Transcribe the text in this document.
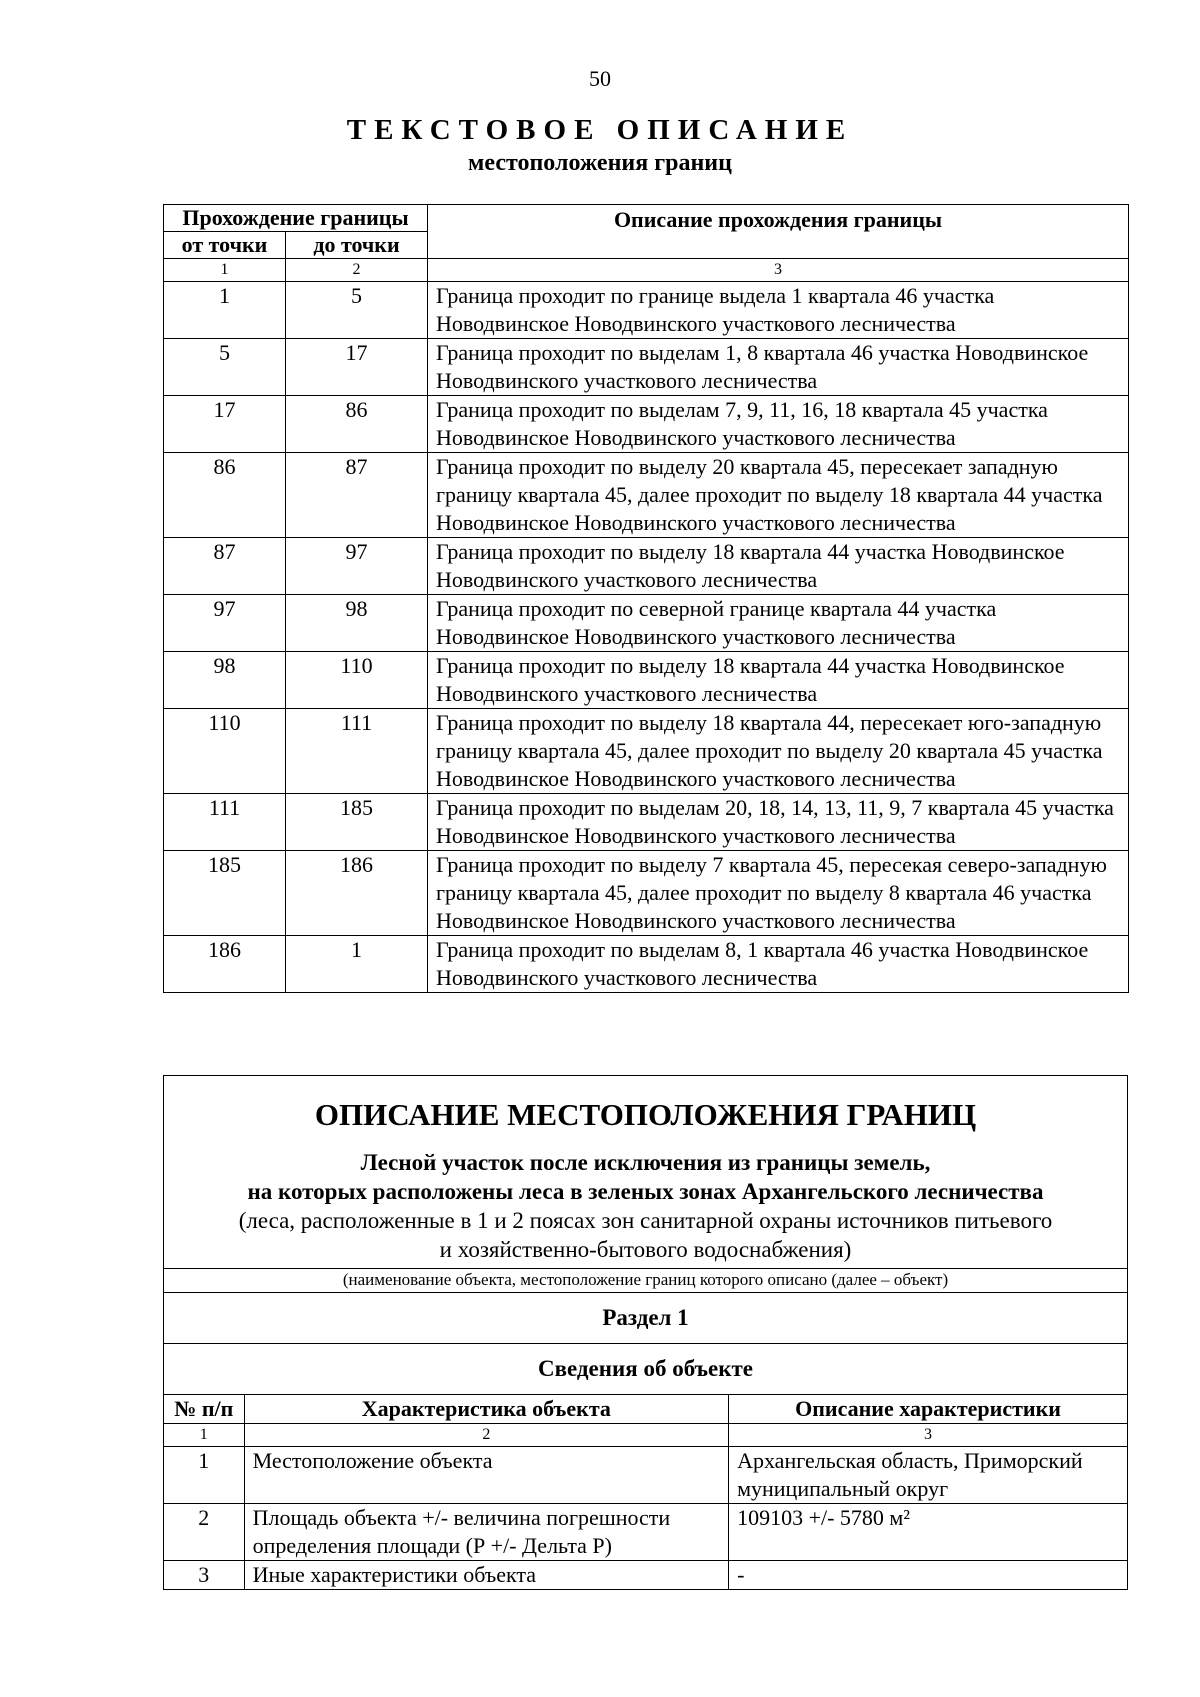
50
ТЕКСТОВОЕ ОПИСАНИЕ
местоположения границ
Прохождение границы		Описание прохождения границы
от точки	до точки	
1	2	3
1	5	Граница проходит по границе выдела 1 квартала 46 участка Новодвинское Новодвинского участкового лесничества
5	17	Граница проходит по выделам 1, 8 квартала 46 участка Новодвинское Новодвинского участкового лесничества
17	86	Граница проходит по выделам 7, 9, 11, 16, 18 квартала 45 участка Новодвинское Новодвинского участкового лесничества
86	87	Граница проходит по выделу 20 квартала 45, пересекает западную границу квартала 45, далее проходит по выделу 18 квартала 44 участка Новодвинское Новодвинского участкового лесничества
87	97	Граница проходит по выделу 18 квартала 44 участка Новодвинское Новодвинского участкового лесничества
97	98	Граница проходит по северной границе квартала 44 участка Новодвинское Новодвинского участкового лесничества
98	110	Граница проходит по выделу 18 квартала 44 участка Новодвинское Новодвинского участкового лесничества
110	111	Граница проходит по выделу 18 квартала 44, пересекает юго-западную границу квартала 45, далее проходит по выделу 20 квартала 45 участка Новодвинское Новодвинского участкового лесничества
111	185	Граница проходит по выделам 20, 18, 14, 13, 11, 9, 7 квартала 45 участка Новодвинское Новодвинского участкового лесничества
185	186	Граница проходит по выделу 7 квартала 45, пересекая северо-западную границу квартала 45, далее проходит по выделу 8 квартала 46 участка Новодвинское Новодвинского участкового лесничества
186	1	Граница проходит по выделам 8, 1 квартала 46 участка Новодвинское Новодвинского участкового лесничества
ОПИСАНИЕ МЕСТОПОЛОЖЕНИЯ ГРАНИЦ
Лесной участок после исключения из границы земель,
на которых расположены леса в зеленых зонах Архангельского лесничества
(леса, расположенные в 1 и 2 поясах зон санитарной охраны источников питьевого
и хозяйственно-бытового водоснабжения)
(наименование объекта, местоположение границ которого описано (далее – объект)
Раздел 1
Сведения об объекте
№ п/п	Характеристика объекта	Описание характеристики
1	2	3
1	Местоположение объекта	Архангельская область, Приморский муниципальный округ
2	Площадь объекта +/- величина погрешности определения площади (Р +/- Дельта Р)	109103 +/- 5780 м²
3	Иные характеристики объекта	-
